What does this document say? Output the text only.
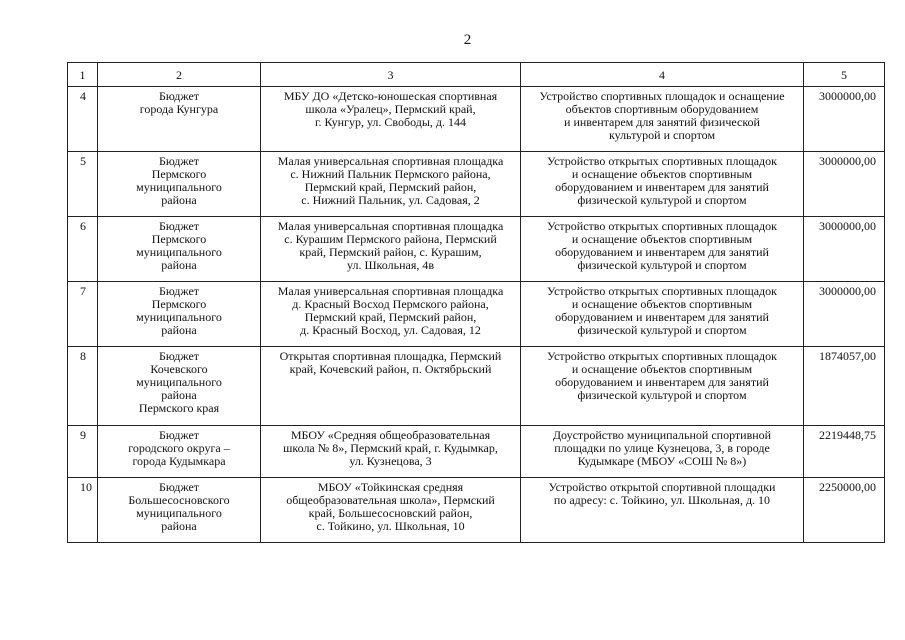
2
1	2	3	4	5
4	Бюджет
города Кунгура	МБУ ДО «Детско-юношеская спортивная
школа «Уралец», Пермский край,
г. Кунгур, ул. Свободы, д. 144	Устройство спортивных площадок и оснащение
объектов спортивным оборудованием
и инвентарем для занятий физической
культурой и спортом	3000000,00
5	Бюджет
Пермского
муниципального
района	Малая универсальная спортивная площадка
с. Нижний Пальник Пермского района,
Пермский край, Пермский район,
с. Нижний Пальник, ул. Садовая, 2	Устройство открытых спортивных площадок
и оснащение объектов спортивным
оборудованием и инвентарем для занятий
физической культурой и спортом	3000000,00
6	Бюджет
Пермского
муниципального
района	Малая универсальная спортивная площадка
с. Курашим Пермского района, Пермский
край, Пермский район, с. Курашим,
ул. Школьная, 4в	Устройство открытых спортивных площадок
и оснащение объектов спортивным
оборудованием и инвентарем для занятий
физической культурой и спортом	3000000,00
7	Бюджет
Пермского
муниципального
района	Малая универсальная спортивная площадка
д. Красный Восход Пермского района,
Пермский край, Пермский район,
д. Красный Восход, ул. Садовая, 12	Устройство открытых спортивных площадок
и оснащение объектов спортивным
оборудованием и инвентарем для занятий
физической культурой и спортом	3000000,00
8	Бюджет
Кочевского
муниципального
района
Пермского края	Открытая спортивная площадка, Пермский
край, Кочевский район, п. Октябрьский	Устройство открытых спортивных площадок
и оснащение объектов спортивным
оборудованием и инвентарем для занятий
физической культурой и спортом	1874057,00
9	Бюджет
городского округа –
города Кудымкара	МБОУ «Средняя общеобразовательная
школа № 8», Пермский край, г. Кудымкар,
ул. Кузнецова, 3	Доустройство муниципальной спортивной
площадки по улице Кузнецова, 3, в городе
Кудымкаре (МБОУ «СОШ № 8»)	2219448,75
10	Бюджет
Большесосновского
муниципального
района	МБОУ «Тойкинская средняя
общеобразовательная школа», Пермский
край, Большесосновский район,
с. Тойкино, ул. Школьная, 10	Устройство открытой спортивной площадки
по адресу: с. Тойкино, ул. Школьная, д. 10	2250000,00
